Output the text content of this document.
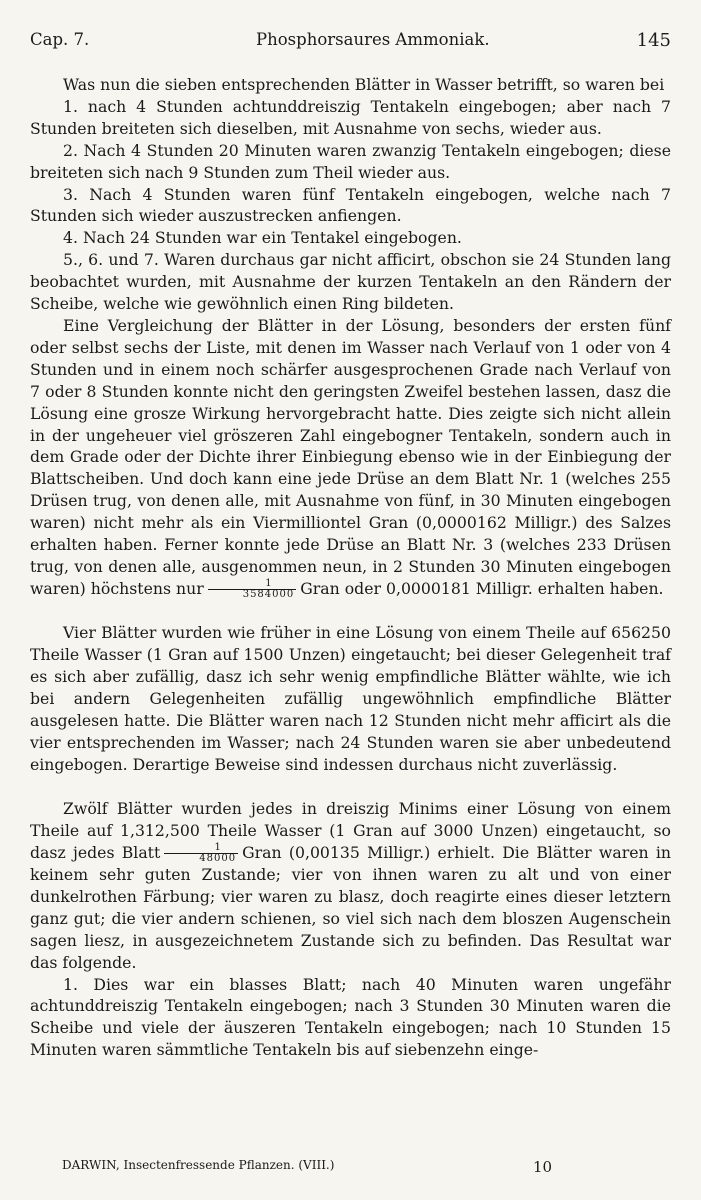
Cap. 7.	Phosphorsaures Ammoniak.	145

Was nun die sieben entsprechenden Blätter in Wasser betrifft, so waren bei

1. nach 4 Stunden achtunddreiszig Tentakeln eingebogen; aber nach 7 Stunden breiteten sich dieselben, mit Ausnahme von sechs, wieder aus.

2. Nach 4 Stunden 20 Minuten waren zwanzig Tentakeln eingebogen; diese breiteten sich nach 9 Stunden zum Theil wieder aus.

3. Nach 4 Stunden waren fünf Tentakeln eingebogen, welche nach 7 Stunden sich wieder auszustrecken anfiengen.

4. Nach 24 Stunden war ein Tentakel eingebogen.

5., 6. und 7. Waren durchaus gar nicht afficirt, obschon sie 24 Stunden lang beobachtet wurden, mit Ausnahme der kurzen Tentakeln an den Rändern der Scheibe, welche wie gewöhnlich einen Ring bildeten.

Eine Vergleichung der Blätter in der Lösung, besonders der ersten fünf oder selbst sechs der Liste, mit denen im Wasser nach Verlauf von 1 oder von 4 Stunden und in einem noch schärfer ausgesprochenen Grade nach Verlauf von 7 oder 8 Stunden konnte nicht den geringsten Zweifel bestehen lassen, dasz die Lösung eine grosze Wirkung hervorgebracht hatte. Dies zeigte sich nicht allein in der ungeheuer viel gröszeren Zahl eingebogner Tentakeln, sondern auch in dem Grade oder der Dichte ihrer Einbiegung ebenso wie in der Einbiegung der Blattscheiben. Und doch kann eine jede Drüse an dem Blatt Nr. 1 (welches 255 Drüsen trug, von denen alle, mit Ausnahme von fünf, in 30 Minuten eingebogen waren) nicht mehr als ein Viermilliontel Gran (0,0000162 Milligr.) des Salzes erhalten haben. Ferner konnte jede Drüse an Blatt Nr. 3 (welches 233 Drüsen trug, von denen alle, ausgenommen neun, in 2 Stunden 30 Minuten eingebogen waren) höchstens nur $\frac{1}{3584000}$ Gran oder 0,0000181 Milligr. erhalten haben.

Vier Blätter wurden wie früher in eine Lösung von einem Theile auf 656250 Theile Wasser (1 Gran auf 1500 Unzen) eingetaucht; bei dieser Gelegenheit traf es sich aber zufällig, dasz ich sehr wenig empfindliche Blätter wählte, wie ich bei andern Gelegenheiten zufällig ungewöhnlich empfindliche Blätter ausgelesen hatte. Die Blätter waren nach 12 Stunden nicht mehr afficirt als die vier entsprechenden im Wasser; nach 24 Stunden waren sie aber unbedeutend eingebogen. Derartige Beweise sind indessen durchaus nicht zuverlässig.

Zwölf Blätter wurden jedes in dreiszig Minims einer Lösung von einem Theile auf 1,312,500 Theile Wasser (1 Gran auf 3000 Unzen) eingetaucht, so dasz jedes Blatt $\frac{1}{48000}$ Gran (0,00135 Milligr.) erhielt. Die Blätter waren in keinem sehr guten Zustande; vier von ihnen waren zu alt und von einer dunkelrothen Färbung; vier waren zu blasz, doch reagirte eines dieser letztern ganz gut; die vier andern schienen, so viel sich nach dem bloszen Augenschein sagen liesz, in ausgezeichnetem Zustande sich zu befinden. Das Resultat war das folgende.

1. Dies war ein blasses Blatt; nach 40 Minuten waren ungefähr achtunddreiszig Tentakeln eingebogen; nach 3 Stunden 30 Minuten waren die Scheibe und viele der äuszeren Tentakeln eingebogen; nach 10 Stunden 15 Minuten waren sämmtliche Tentakeln bis auf siebenzehn einge-

DARWIN, Insectenfressende Pflanzen. (VIII.)	10
